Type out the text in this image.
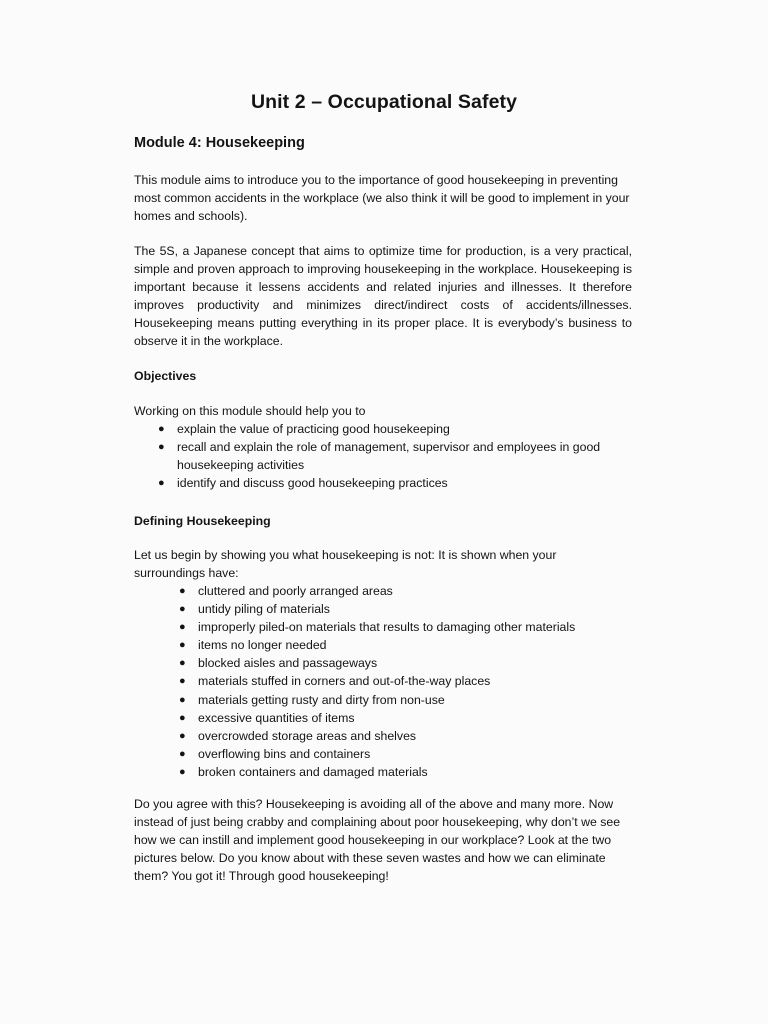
Unit 2 – Occupational Safety
Module 4: Housekeeping

This module aims to introduce you to the importance of good housekeeping in preventing most common accidents in the workplace (we also think it will be good to implement in your homes and schools).

The 5S, a Japanese concept that aims to optimize time for production, is a very practical, simple and proven approach to improving housekeeping in the workplace. Housekeeping is important because it lessens accidents and related injuries and illnesses. It therefore improves productivity and minimizes direct/indirect costs of accidents/illnesses. Housekeeping means putting everything in its proper place. It is everybody’s business to observe it in the workplace.

Objectives

Working on this module should help you to

● explain the value of practicing good housekeeping
● recall and explain the role of management, supervisor and employees in good housekeeping activities
● identify and discuss good housekeeping practices
Defining Housekeeping

Let us begin by showing you what housekeeping is not: It is shown when your surroundings have:

● cluttered and poorly arranged areas
● untidy piling of materials
● improperly piled-on materials that results to damaging other materials
● items no longer needed
● blocked aisles and passageways
● materials stuffed in corners and out-of-the-way places
● materials getting rusty and dirty from non-use
● excessive quantities of items
● overcrowded storage areas and shelves
● overflowing bins and containers
● broken containers and damaged materials

Do you agree with this? Housekeeping is avoiding all of the above and many more. Now instead of just being crabby and complaining about poor housekeeping, why don’t we see how we can instill and implement good housekeeping in our workplace? Look at the two pictures below. Do you know about with these seven wastes and how we can eliminate them? You got it! Through good housekeeping!
